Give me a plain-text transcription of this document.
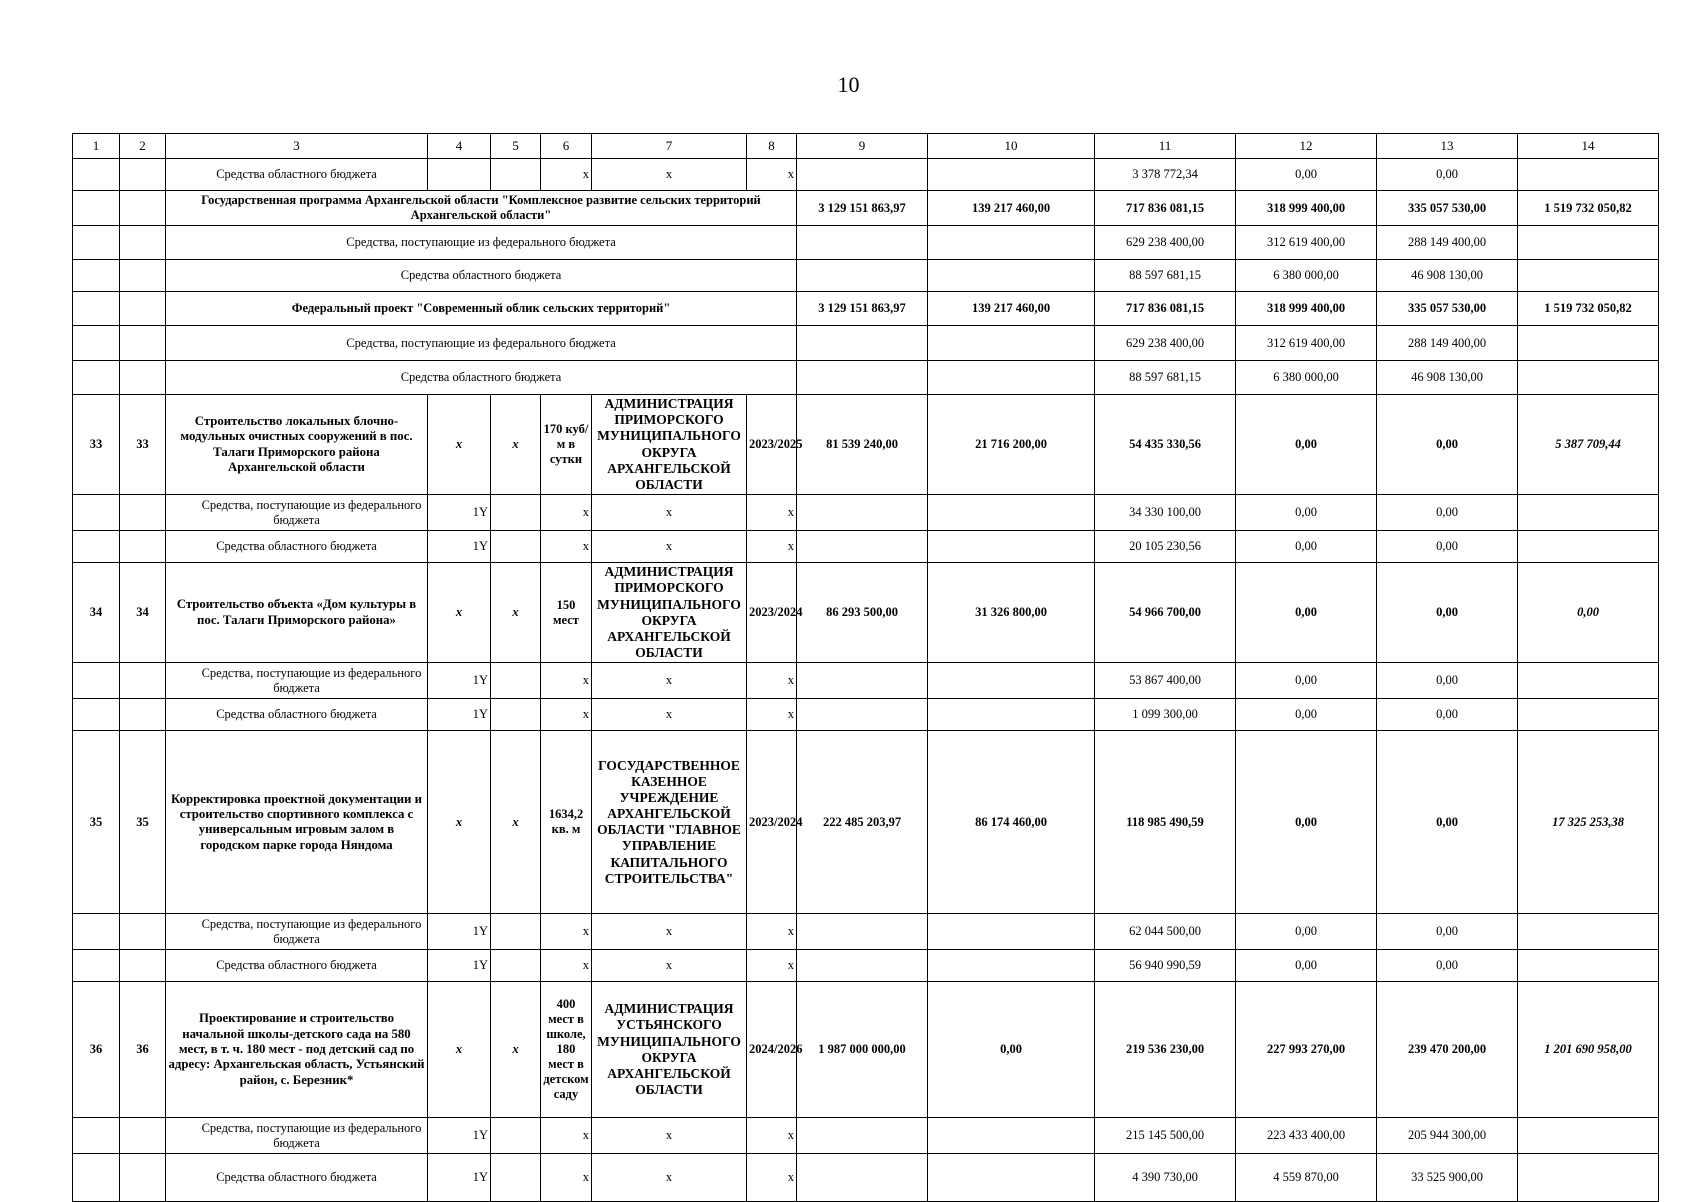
10
1	2	3	4	5	6	7	8	9	10	11	12	13	14
		Средства областного бюджета			x	x	x			3 378 772,34	0,00	0,00	
		Государственная программа Архангельской области "Комплексное развитие сельских территорий Архангельской области"						3 129 151 863,97	139 217 460,00	717 836 081,15	318 999 400,00	335 057 530,00	1 519 732 050,82
		Средства, поступающие из федерального бюджета								629 238 400,00	312 619 400,00	288 149 400,00	
		Средства областного бюджета								88 597 681,15	6 380 000,00	46 908 130,00	
		Федеральный проект "Современный облик сельских территорий"						3 129 151 863,97	139 217 460,00	717 836 081,15	318 999 400,00	335 057 530,00	1 519 732 050,82
		Средства, поступающие из федерального бюджета								629 238 400,00	312 619 400,00	288 149 400,00	
		Средства областного бюджета								88 597 681,15	6 380 000,00	46 908 130,00	
33	33	Строительство локальных блочно-модульных очистных сооружений в пос. Талаги Приморского района Архангельской области	x	x	170 куб/м в сутки	АДМИНИСТРАЦИЯ ПРИМОРСКОГО МУНИЦИПАЛЬНОГО ОКРУГА АРХАНГЕЛЬСКОЙ ОБЛАСТИ	2023/2025	81 539 240,00	21 716 200,00	54 435 330,56	0,00	0,00	5 387 709,44
		Средства, поступающие из федерального бюджета	1Y		x	x	x			34 330 100,00	0,00	0,00	
		Средства областного бюджета	1Y		x	x	x			20 105 230,56	0,00	0,00	
34	34	Строительство объекта «Дом культуры в пос. Талаги Приморского района»	x	x	150 мест	АДМИНИСТРАЦИЯ ПРИМОРСКОГО МУНИЦИПАЛЬНОГО ОКРУГА АРХАНГЕЛЬСКОЙ ОБЛАСТИ	2023/2024	86 293 500,00	31 326 800,00	54 966 700,00	0,00	0,00	0,00
		Средства, поступающие из федерального бюджета	1Y		x	x	x			53 867 400,00	0,00	0,00	
		Средства областного бюджета	1Y		x	x	x			1 099 300,00	0,00	0,00	
35	35	Корректировка проектной документации и строительство спортивного комплекса с универсальным игровым залом в городском парке города Няндома	x	x	1634,2 кв. м	ГОСУДАРСТВЕННОЕ КАЗЕННОЕ УЧРЕЖДЕНИЕ АРХАНГЕЛЬСКОЙ ОБЛАСТИ "ГЛАВНОЕ УПРАВЛЕНИЕ КАПИТАЛЬНОГО СТРОИТЕЛЬСТВА"	2023/2024	222 485 203,97	86 174 460,00	118 985 490,59	0,00	0,00	17 325 253,38
		Средства, поступающие из федерального бюджета	1Y		x	x	x			62 044 500,00	0,00	0,00	
		Средства областного бюджета	1Y		x	x	x			56 940 990,59	0,00	0,00	
36	36	Проектирование и строительство начальной школы-детского сада на 580 мест, в т. ч. 180 мест - под детский сад по адресу: Архангельская область, Устьянский район, с. Березник*	x	x	400 мест в школе, 180 мест в детском саду	АДМИНИСТРАЦИЯ УСТЬЯНСКОГО МУНИЦИПАЛЬНОГО ОКРУГА АРХАНГЕЛЬСКОЙ ОБЛАСТИ	2024/2026	1 987 000 000,00	0,00	219 536 230,00	227 993 270,00	239 470 200,00	1 201 690 958,00
		Средства, поступающие из федерального бюджета	1Y		x	x	x			215 145 500,00	223 433 400,00	205 944 300,00	
		Средства областного бюджета	1Y		x	x	x			4 390 730,00	4 559 870,00	33 525 900,00	
